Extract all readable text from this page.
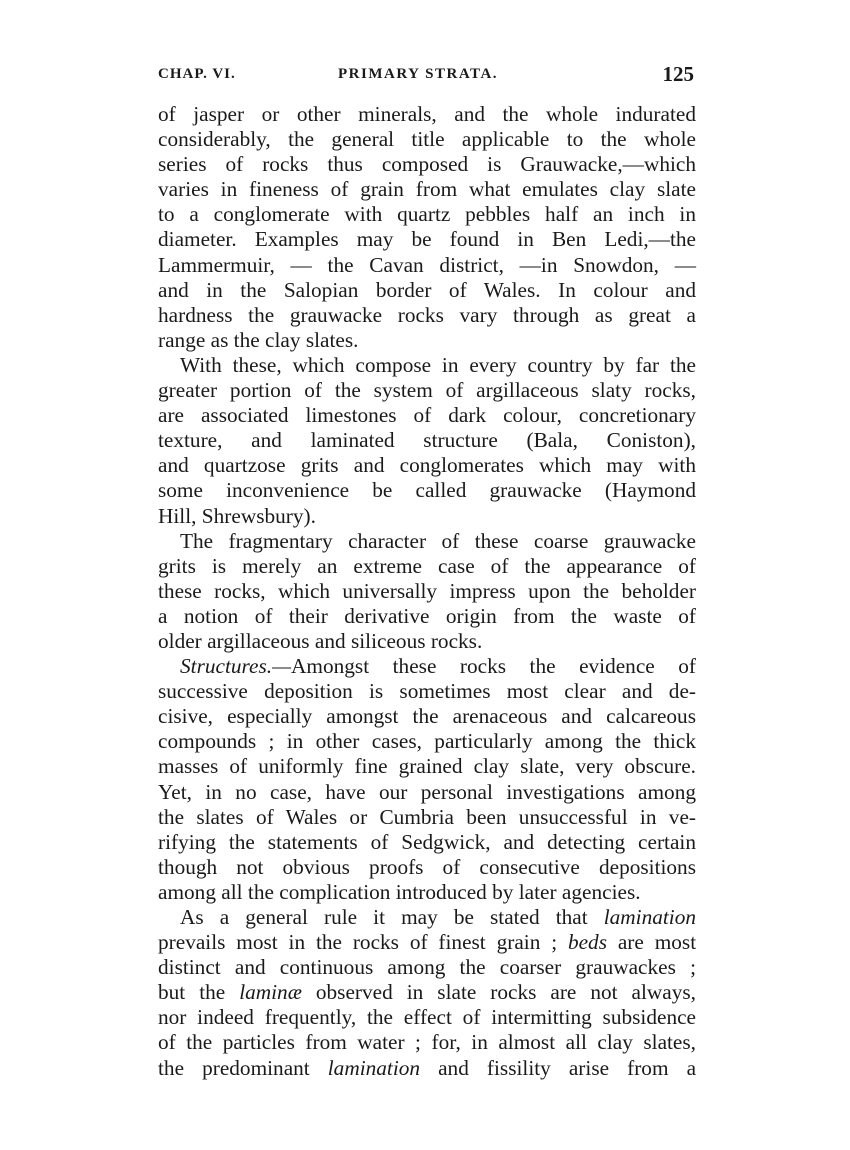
CHAP. VI.	PRIMARY STRATA.	125
of jasper or other minerals, and the whole indurated
considerably, the general title applicable to the whole
series of rocks thus composed is Grauwacke,—which
varies in fineness of grain from what emulates clay slate
to a conglomerate with quartz pebbles half an inch in
diameter. Examples may be found in Ben Ledi,—the
Lammermuir, — the Cavan district, —in Snowdon, —
and in the Salopian border of Wales. In colour and
hardness the grauwacke rocks vary through as great a
range as the clay slates.
With these, which compose in every country by far the
greater portion of the system of argillaceous slaty rocks,
are associated limestones of dark colour, concretionary
texture, and laminated structure (Bala, Coniston),
and quartzose grits and conglomerates which may with
some inconvenience be called grauwacke (Haymond
Hill, Shrewsbury).
The fragmentary character of these coarse grauwacke
grits is merely an extreme case of the appearance of
these rocks, which universally impress upon the beholder
a notion of their derivative origin from the waste of
older argillaceous and siliceous rocks.
Structures.—Amongst these rocks the evidence of
successive deposition is sometimes most clear and de-
cisive, especially amongst the arenaceous and calcareous
compounds ; in other cases, particularly among the thick
masses of uniformly fine grained clay slate, very obscure.
Yet, in no case, have our personal investigations among
the slates of Wales or Cumbria been unsuccessful in ve-
rifying the statements of Sedgwick, and detecting certain
though not obvious proofs of consecutive depositions
among all the complication introduced by later agencies.
As a general rule it may be stated that lamination
prevails most in the rocks of finest grain ; beds are most
distinct and continuous among the coarser grauwackes ;
but the laminæ observed in slate rocks are not always,
nor indeed frequently, the effect of intermitting subsidence
of the particles from water ; for, in almost all clay slates,
the predominant lamination and fissility arise from a
